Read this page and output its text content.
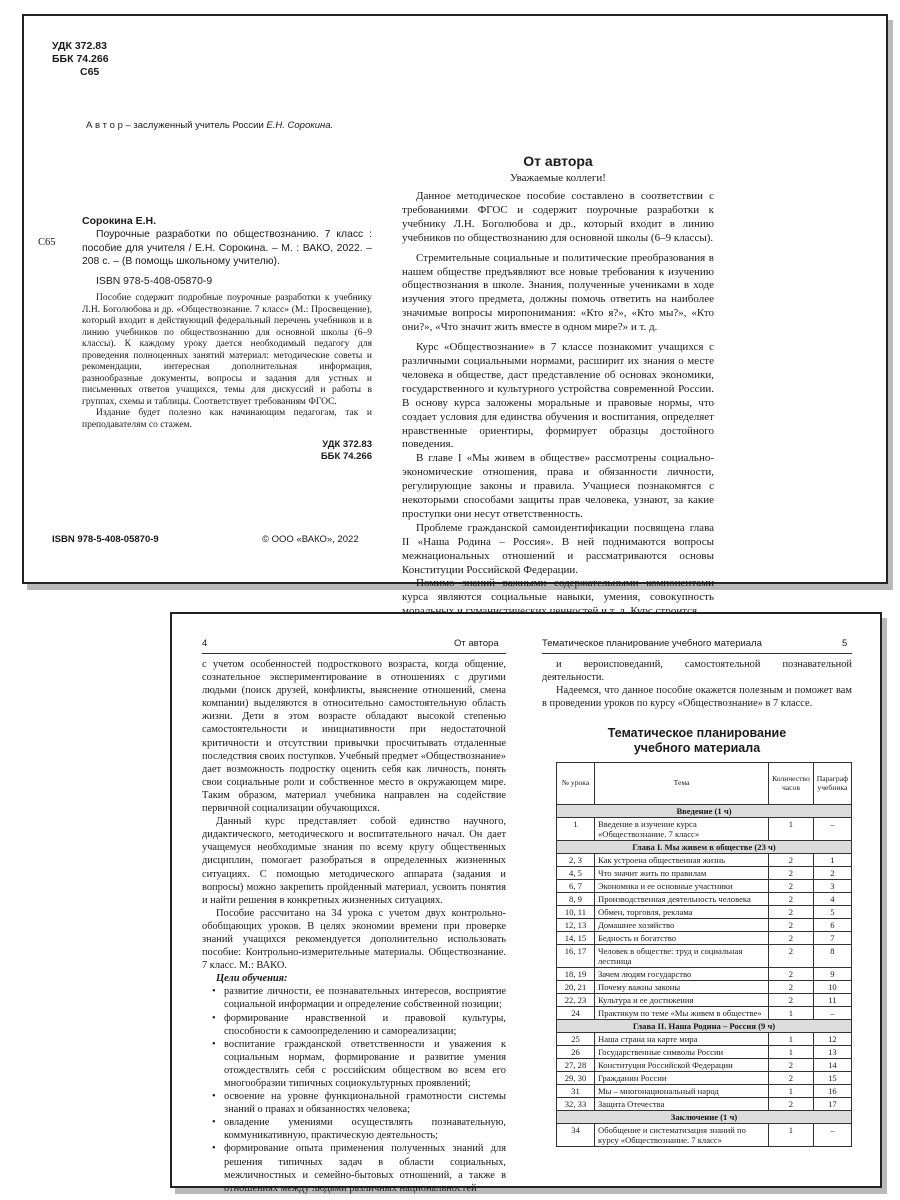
УДК 372.83
ББК 74.266
С65
А в т о р – заслуженный учитель России Е.Н. Сорокина.
С65
Сорокина Е.Н.

Поурочные разработки по обществознанию. 7 класс : пособие для учителя / Е.Н. Сорокина. – М. : ВАКО, 2022. – 208 с. – (В помощь школьному учителю).

ISBN 978-5-408-05870-9

Пособие содержит подробные поурочные разработки к учебнику Л.Н. Боголюбова и др. «Обществознание. 7 класс» (М.: Просвещение), который входит в действующий федеральный перечень учебников и в линию учебников по обществознанию для основной школы (6–9 классы). К каждому уроку дается необходимый педагогу для проведения полноценных занятий материал: методические советы и рекомендации, интересная дополнительная информация, разнообразные документы, вопросы и задания для устных и письменных ответов учащихся, темы для дискуссий и работы в группах, схемы и таблицы. Соответствует требованиям ФГОС.

Издание будет полезно как начинающим педагогам, так и преподавателям со стажем.

УДК 372.83
ББК 74.266
ISBN 978-5-408-05870-9	© ООО «ВАКО», 2022
От автора
Уважаемые коллеги!

Данное методическое пособие составлено в соответствии с требованиями ФГОС и содержит поурочные разработки к учебнику Л.Н. Боголюбова и др., который входит в линию учебников по обществознанию для основной школы (6–9 классы).

Стремительные социальные и политические преобразования в нашем обществе предъявляют все новые требования к изучению обществознания в школе. Знания, полученные учениками в ходе изучения этого предмета, должны помочь ответить на наиболее значимые вопросы миропонимания: «Кто я?», «Кто мы?», «Кто они?», «Что значит жить вместе в одном мире?» и т. д.

Курс «Обществознание» в 7 классе познакомит учащихся с различными социальными нормами, расширит их знания о месте человека в обществе, даст представление об основах экономики, государственного и культурного устройства современной России. В основу курса заложены моральные и правовые нормы, что создает условия для единства обучения и воспитания, определяет нравственные ориентиры, формирует образцы достойного поведения.

В главе I «Мы живем в обществе» рассмотрены социально-экономические отношения, права и обязанности личности, регулирующие законы и правила. Учащиеся познакомятся с некоторыми способами защиты прав человека, узнают, за какие проступки они несут ответственность.

Проблеме гражданской самоидентификации посвящена глава II «Наша Родина – Россия». В ней поднимаются вопросы межнациональных отношений и рассматриваются основы Конституции Российской Федерации.

Помимо знаний важными содержательными компонентами курса являются социальные навыки, умения, совокупность

4	От автора

с учетом особенностей подросткового возраста, когда общение, сознательное экспериментирование в отношениях с другими людьми (поиск друзей, конфликты, выяснение отношений, смена компании) выделяются в относительно самостоятельную область жизни. Дети в этом возрасте обладают высокой степенью самостоятельности и инициативности при недостаточной критичности и отсутствии привычки просчитывать отдаленные последствия своих поступков. Учебный предмет «Обществознание» дает возможность подростку оценить себя как личность, понять свои социальные роли и собственное место в окружающем мире. Таким образом, материал учебника направлен на содействие первичной социализации обучающихся.

Данный курс представляет собой единство научного, дидактического, методического и воспитательного начал. Он дает учащемуся необходимые знания по всему кругу общественных дисциплин, помогает разобраться в определенных жизненных ситуациях. С помощью методического аппарата (задания и вопросы) можно закрепить пройденный материал, усвоить понятия и найти решения в конкретных жизненных ситуациях.

Пособие рассчитано на 34 урока с учетом двух контрольно-обобщающих уроков. В целях экономии времени при проверке знаний учащихся рекомендуется дополнительно использовать пособие: Контрольно-измерительные материалы. Обществознание. 7 класс. М.: ВАКО.

Цели обучения:

• развитие личности, ее познавательных интересов, восприятие социальной информации и определение собственной позиции;
• формирование нравственной и правовой культуры, способности к самоопределению и самореализации;
• воспитание гражданской ответственности и уважения к социальным нормам, формирование и развитие умения отождествлять себя с российским обществом во всем его многообразии типичных социокультурных проявлений;
• освоение на уровне функциональной грамотности системы знаний о правах и обязанностях человека;
• овладение умениями осуществлять познавательную, коммуникативную, практическую деятельность;
• формирование опыта применения полученных знаний для решения типичных задач в области социальных, межличностных и семейно-бытовых отношений, а также в отношениях между людьми различных национальностей
Тематическое планирование учебного материала	5

и вероисповеданий, самостоятельной познавательной деятельности.

Надеемся, что данное пособие окажется полезным и поможет вам в проведении уроков по курсу «Обществознание» в 7 классе.

Тематическое планирование
учебного материала
№ урока	Тема	Количество часов	Параграф учебника
Введение (1 ч)			
1	Введение в изучение курса «Обществознание. 7 класс»	1	–
Глава I. Мы живем в обществе (23 ч)			
2, 3	Как устроена общественная жизнь	2	1
4, 5	Что значит жить по правилам	2	2
6, 7	Экономика и ее основные участники	2	3
8, 9	Производственная деятельность человека	2	4
10, 11	Обмен, торговля, реклама	2	5
12, 13	Домашнее хозяйство	2	6
14, 15	Бедность и богатство	2	7
16, 17	Человек в обществе: труд и социальная лестница	2	8
18, 19	Зачем людям государство	2	9
20, 21	Почему важны законы	2	10
22, 23	Культура и ее достижения	2	11
24	Практикум по теме «Мы живем в обществе»	1	–
Глава II. Наша Родина – Россия (9 ч)			
25	Наша страна на карте мира	1	12
26	Государственные символы России	1	13
27, 28	Конституция Российской Федерации	2	14
29, 30	Гражданин России	2	15
31	Мы – многонациональный народ	1	16
32, 33	Защита Отечества	2	17
Заключение (1 ч)			
34	Обобщение и систематизация знаний по курсу «Обществознание. 7 класс»	1	–
